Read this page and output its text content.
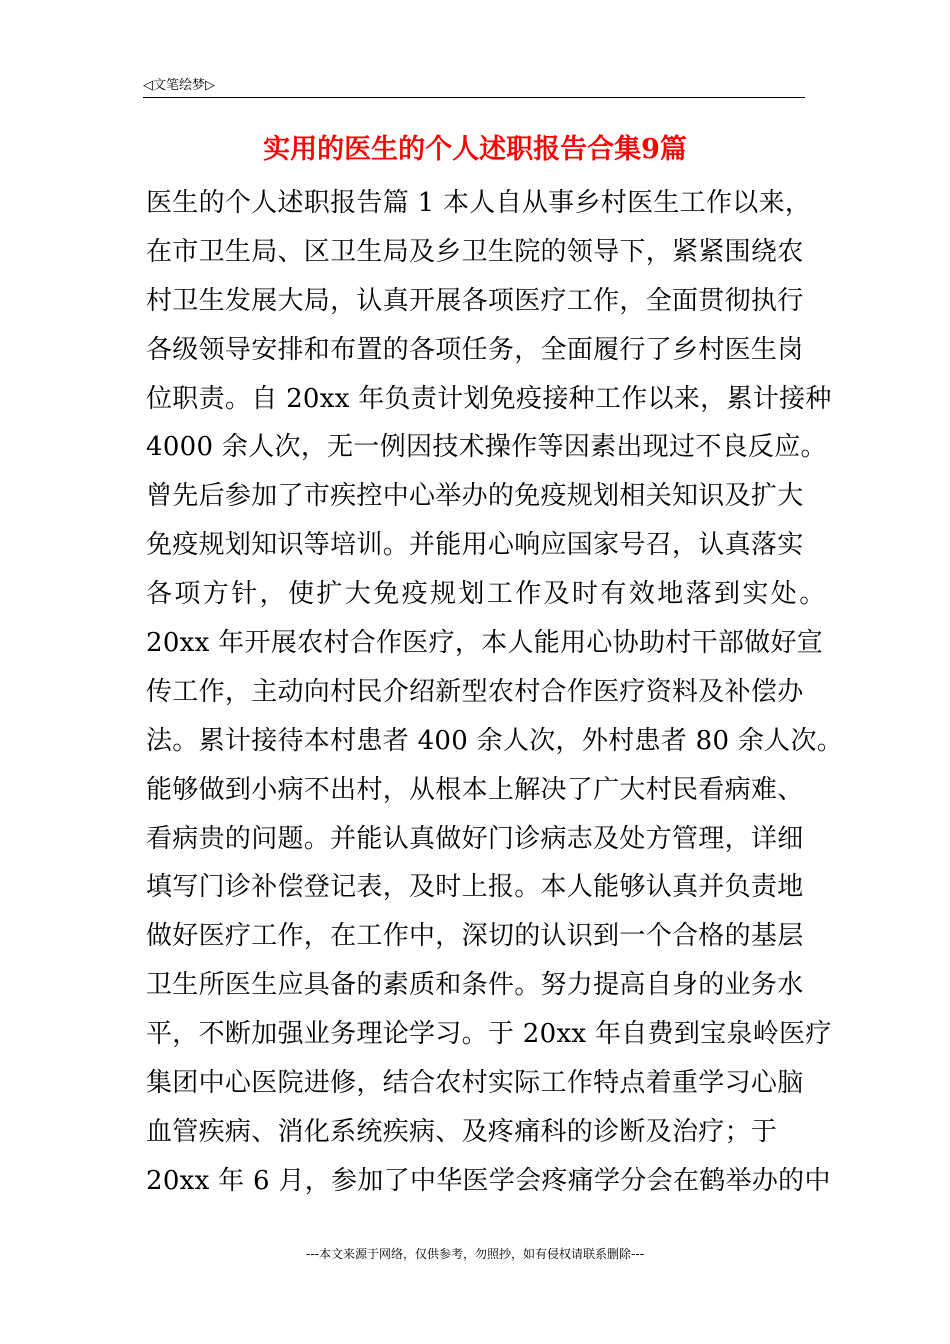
◁文笔绘梦▷
实用的医生的个人述职报告合集9篇
医生的个人述职报告篇 1 本人自从事乡村医生工作以来，
在市卫生局、区卫生局及乡卫生院的领导下，紧紧围绕农
村卫生发展大局，认真开展各项医疗工作，全面贯彻执行
各级领导安排和布置的各项任务，全面履行了乡村医生岗
位职责。自 20xx 年负责计划免疫接种工作以来，累计接种
4000 余人次，无一例因技术操作等因素出现过不良反应。
曾先后参加了市疾控中心举办的免疫规划相关知识及扩大
免疫规划知识等培训。并能用心响应国家号召，认真落实
各项方针，使扩大免疫规划工作及时有效地落到实处。
20xx 年开展农村合作医疗，本人能用心协助村干部做好宣
传工作，主动向村民介绍新型农村合作医疗资料及补偿办
法。累计接待本村患者 400 余人次，外村患者 80 余人次。
能够做到小病不出村，从根本上解决了广大村民看病难、
看病贵的问题。并能认真做好门诊病志及处方管理，详细
填写门诊补偿登记表，及时上报。本人能够认真并负责地
做好医疗工作，在工作中，深切的认识到一个合格的基层
卫生所医生应具备的素质和条件。努力提高自身的业务水
平，不断加强业务理论学习。于 20xx 年自费到宝泉岭医疗
集团中心医院进修，结合农村实际工作特点着重学习心脑
血管疾病、消化系统疾病、及疼痛科的诊断及治疗；于
20xx 年 6 月，参加了中华医学会疼痛学分会在鹤举办的中
---本文来源于网络，仅供参考，勿照抄，如有侵权请联系删除---
